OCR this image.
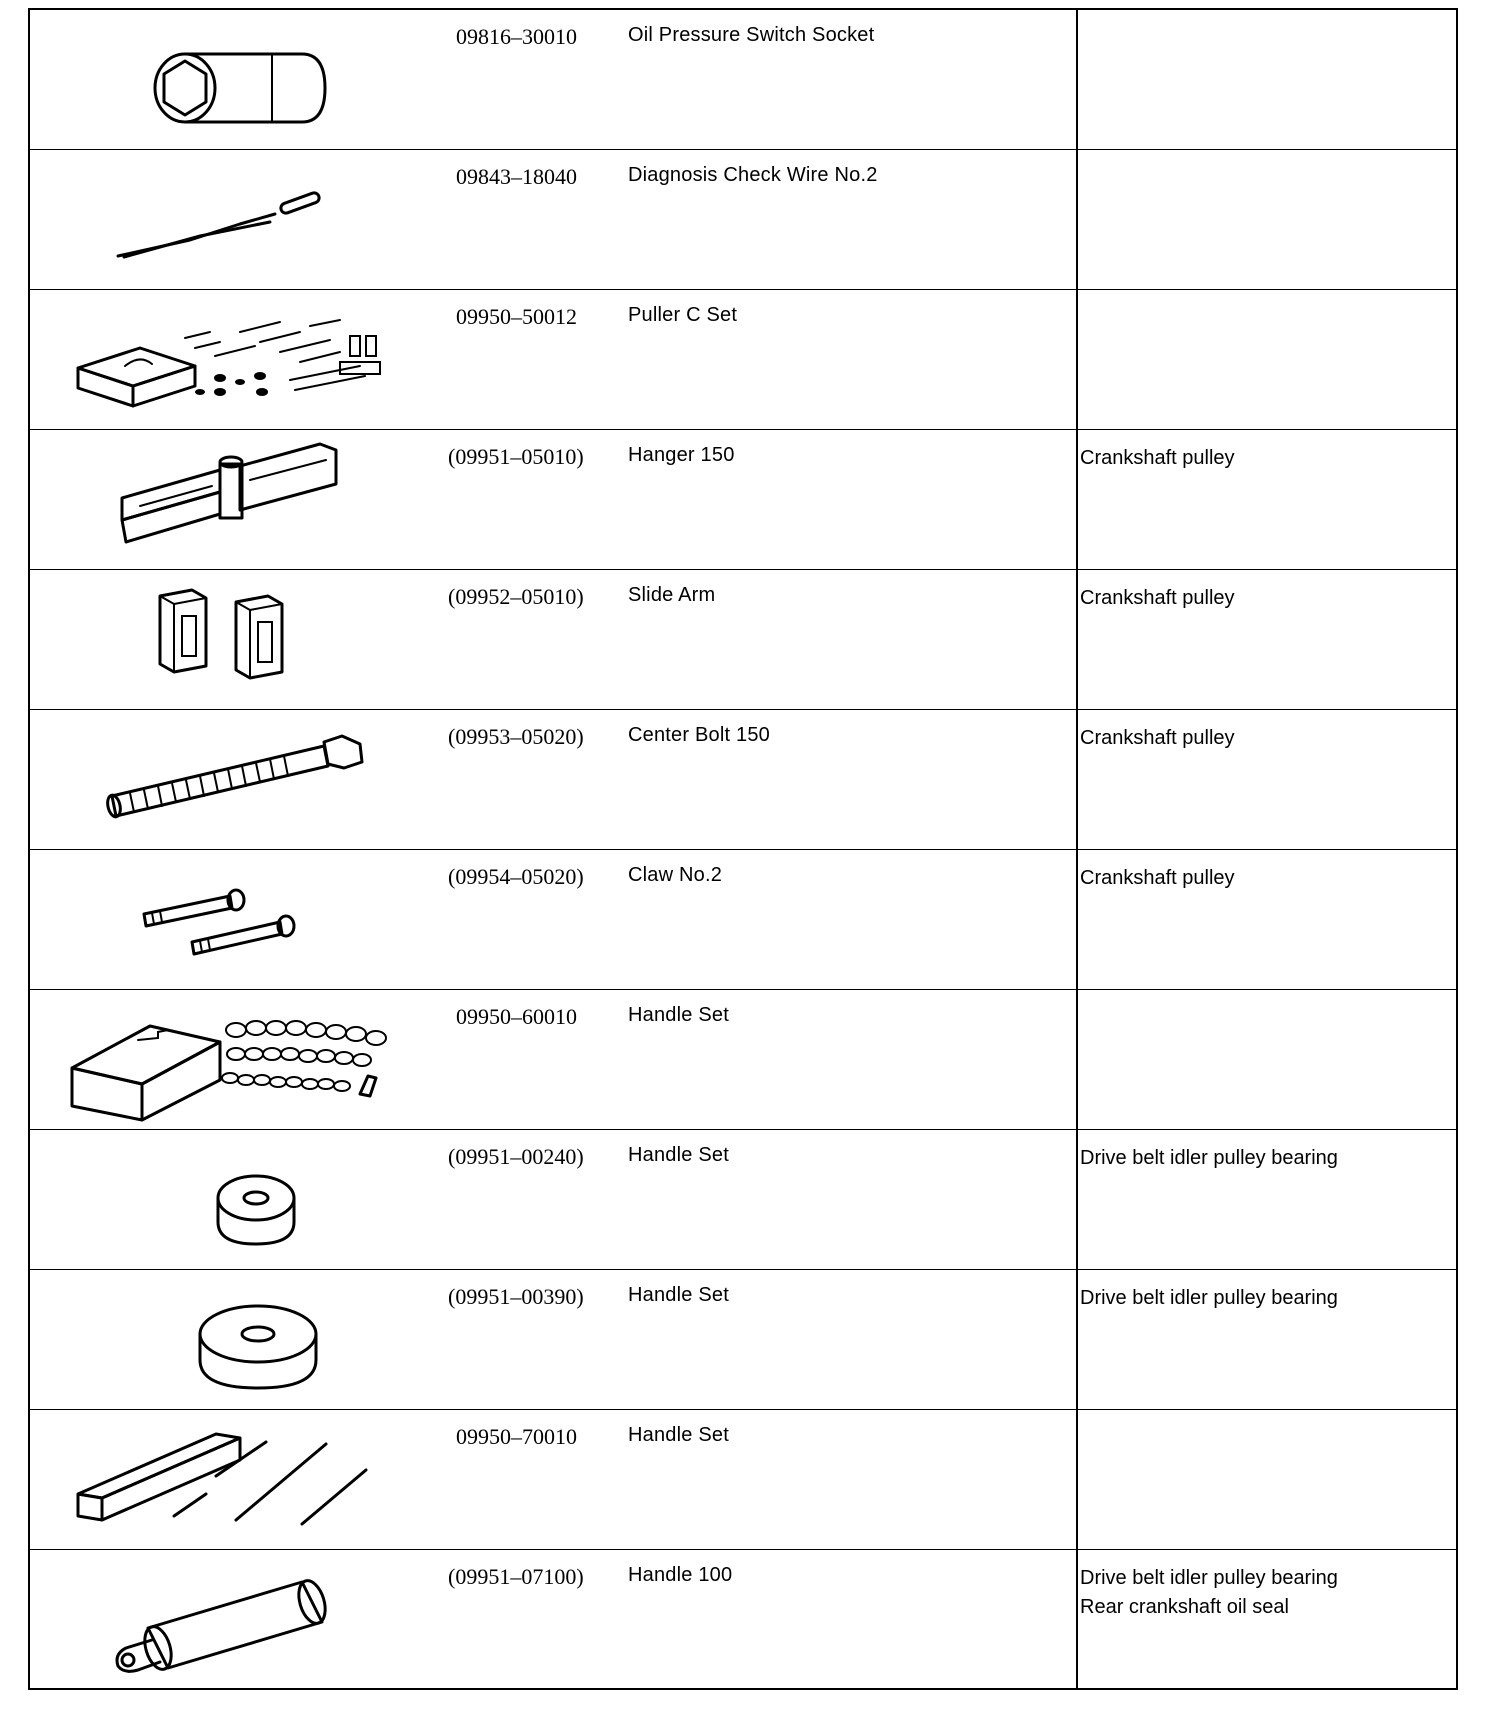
09816–30010	Oil Pressure Switch Socket
09843–18040	Diagnosis Check Wire No.2
09950–50012	Puller C Set
(09951–05010)	Hanger 150	Crankshaft pulley
(09952–05010)	Slide Arm	Crankshaft pulley
(09953–05020)	Center Bolt 150	Crankshaft pulley
(09954–05020)	Claw No.2	Crankshaft pulley
09950–60010	Handle Set
(09951–00240)	Handle Set	Drive belt idler pulley bearing
(09951–00390)	Handle Set	Drive belt idler pulley bearing
09950–70010	Handle Set
(09951–07100)	Handle 100	Drive belt idler pulley bearing
Rear crankshaft oil seal
